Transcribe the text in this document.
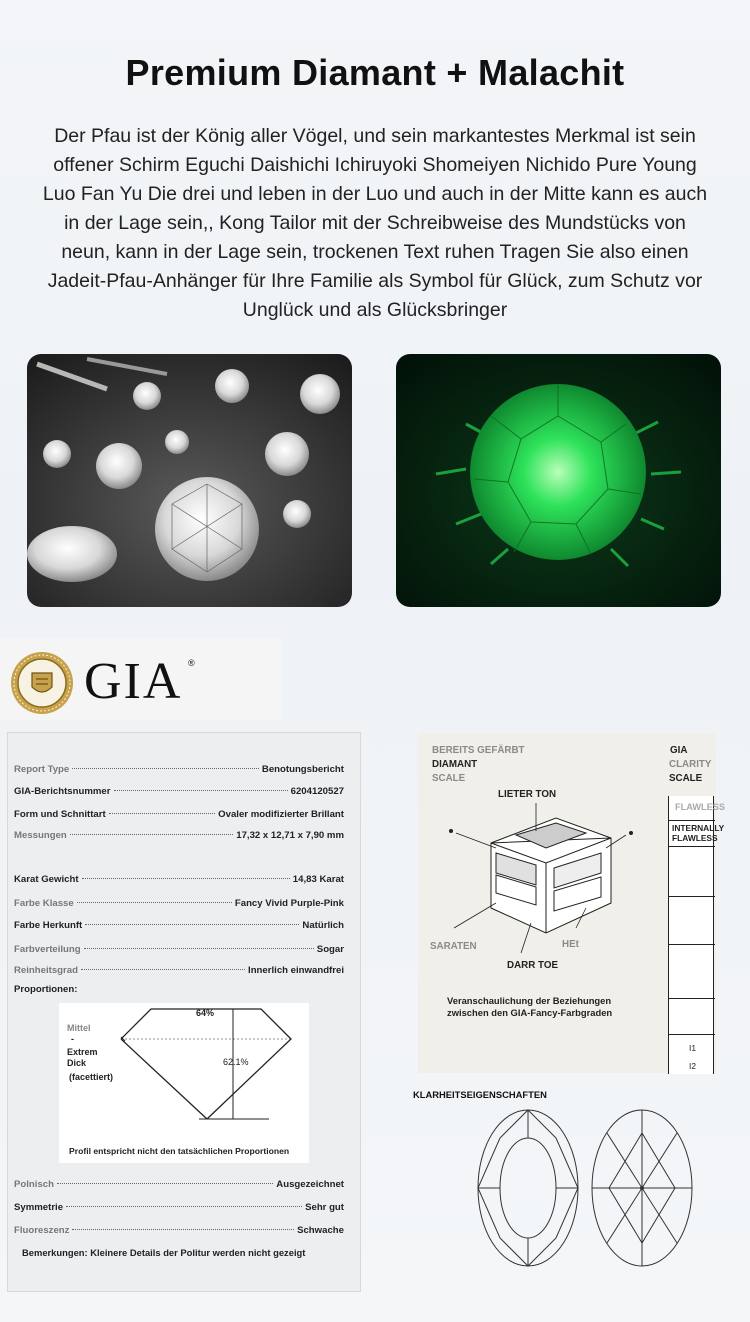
Premium Diamant + Malachit
Der Pfau ist der König aller Vögel, und sein markantestes Merkmal ist sein offener Schirm Eguchi Daishichi Ichiruyoki Shomeiyen Nichido Pure Young Luo Fan Yu Die drei und leben in der Luo und auch in der Mitte kann es auch in der Lage sein,, Kong Tailor mit der Schreibweise des Mundstücks von neun, kann in der Lage sein, trockenen Text ruhen Tragen Sie also einen Jadeit-Pfau-Anhänger für Ihre Familie als Symbol für Glück, zum Schutz vor Unglück und als Glücksbringer
GIA ®
Report Type	Benotungsbericht
GIA-Berichtsnummer	6204120527
Form und Schnittart	Ovaler modifizierter Brillant
Messungen	17,32 x 12,71 x 7,90 mm
Karat Gewicht	14,83 Karat
Farbe Klasse	Fancy Vivid Purple-Pink
Farbe Herkunft	Natürlich
Farbverteilung	Sogar
Reinheitsgrad	Innerlich einwandfrei
Proportionen:
64%
62.1%
Mittel
-
Extrem
Dick
(facettiert)
Profil entspricht nicht den tatsächlichen Proportionen
Polnisch	Ausgezeichnet
Symmetrie	Sehr gut
Fluoreszenz	Schwache
Bemerkungen: Kleinere Details der Politur werden nicht gezeigt
BEREITS GEFÄRBT
DIAMANT
SCALE
GIA
CLARITY
SCALE
LIETER TON
SARATEN	HEt
DARR TOE
FLAWLESS
INTERNALLY
FLAWLESS
I1
I2
Veranschaulichung der Beziehungen zwischen den GIA-Fancy-Farbgraden
KLARHEITSEIGENSCHAFTEN
